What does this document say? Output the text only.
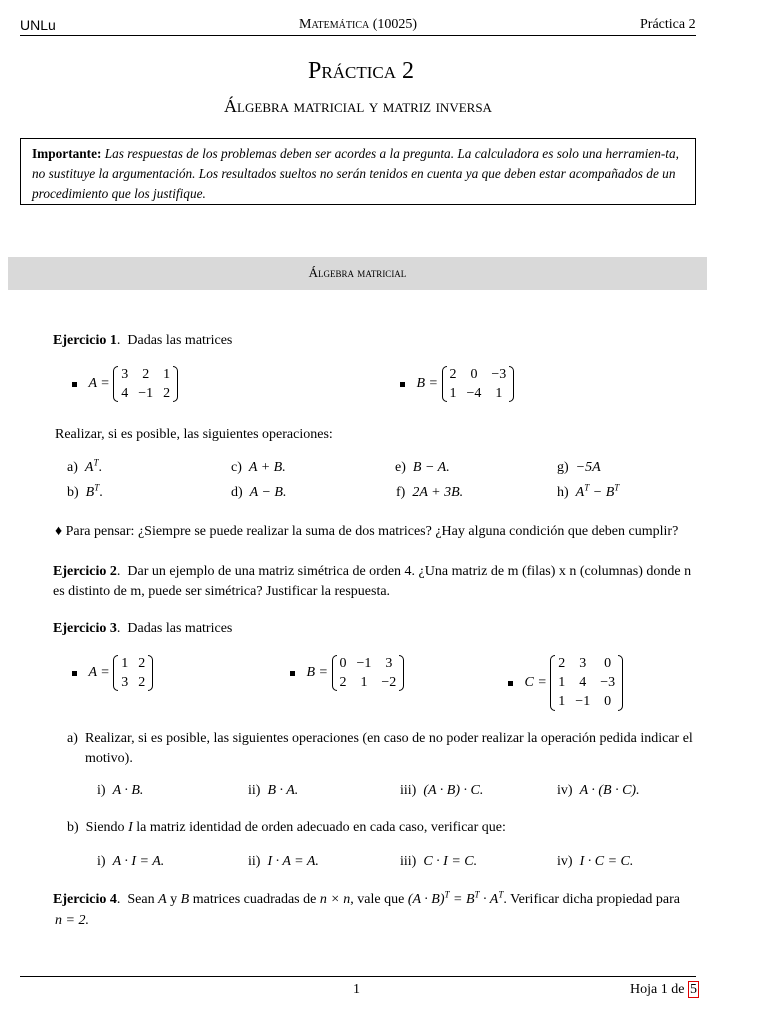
UNLu	Matemática (10025)	Práctica 2
Práctica 2
Álgebra matricial y matriz inversa
Importante: Las respuestas de los problemas deben ser acordes a la pregunta. La calculadora es solo una herramien-ta, no sustituye la argumentación. Los resultados sueltos no serán tenidos en cuenta ya que deben estar acompañados de un procedimiento que los justifique.
Álgebra matricial
Ejercicio 1.  Dadas las matrices
A =
3 2 1
4 −1 2
B =
2 0 −3
1 −4 1
Realizar, si es posible, las siguientes operaciones:
a) $A^T$.	c) A + B.	e) B − A.	g) −5A
b) $B^T$.	d) A − B.	f) 2A + 3B.	h) $A^T - B^T$
♦ Para pensar: ¿Siempre se puede realizar la suma de dos matrices? ¿Hay alguna condición que deben cumplir?
Ejercicio 2.  Dar un ejemplo de una matriz simétrica de orden 4. ¿Una matriz de m (filas) x n (columnas) donde n es distinto de m, puede ser simétrica? Justificar la respuesta.
Ejercicio 3.  Dadas las matrices
A =
1 2
3 2
B =
0 −1 3
2 1 −2	C =
2 3 0
1 4 −3
1 −1 0
a) Realizar, si es posible, las siguientes operaciones (en caso de no poder realizar la operación pedida indicar el motivo).
i) A · B.	ii) B · A.	iii) (A · B) · C.	iv) A · (B · C).
b) Siendo I la matriz identidad de orden adecuado en cada caso, verificar que:
i) A · I = A.	ii) I · A = A.	iii) C · I = C.	iv) I · C = C.
Ejercicio 4.  Sean A y B matrices cuadradas de n × n, vale que $(A \cdot B)^T = B^T \cdot A^T$. Verificar dicha propiedad para
n = 2.
1	Hoja 1 de 5
